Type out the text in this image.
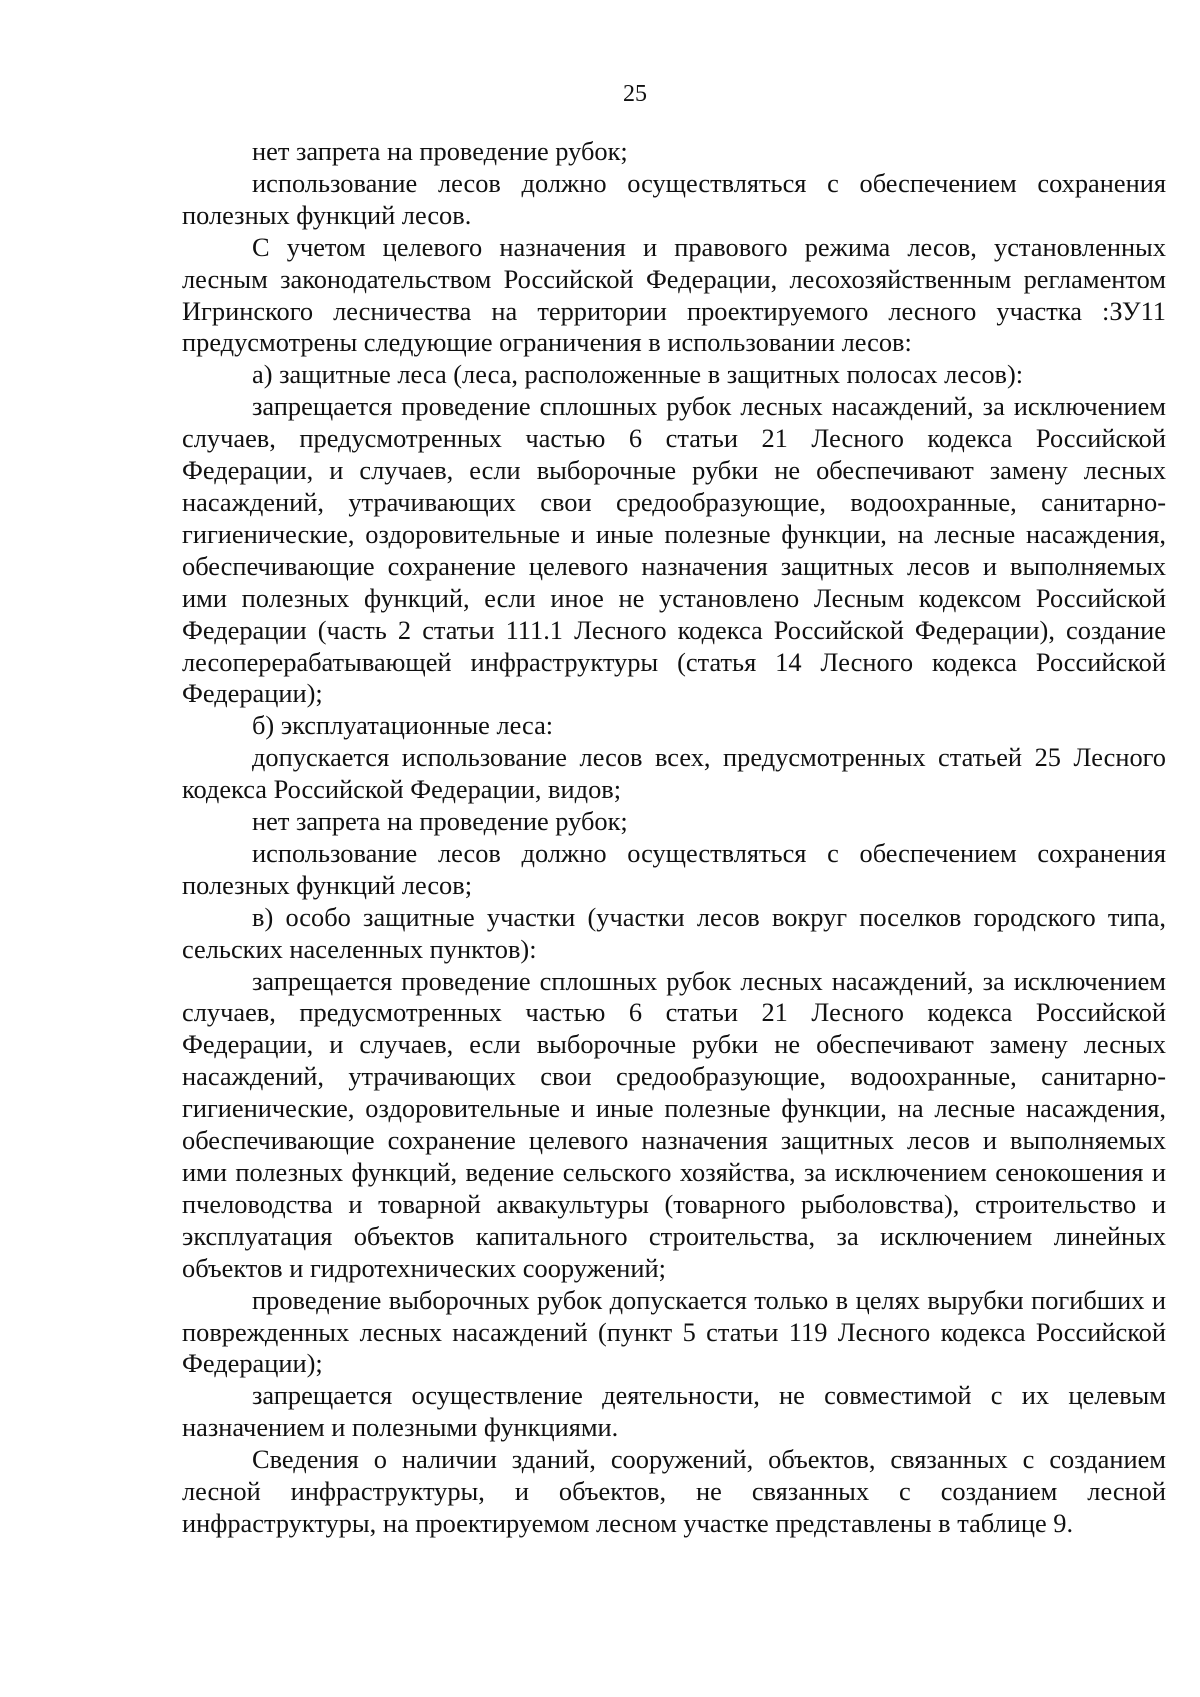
25

нет запрета на проведение рубок;

использование лесов должно осуществляться с обеспечением сохранения полезных функций лесов.

С учетом целевого назначения и правового режима лесов, установленных лесным законодательством Российской Федерации, лесохозяйственным регламентом Игринского лесничества на территории проектируемого лесного участка :ЗУ11 предусмотрены следующие ограничения в использовании лесов:

а) защитные леса (леса, расположенные в защитных полосах лесов):

запрещается проведение сплошных рубок лесных насаждений, за исключением случаев, предусмотренных частью 6 статьи 21 Лесного кодекса Российской Федерации, и случаев, если выборочные рубки не обеспечивают замену лесных насаждений, утрачивающих свои средообразующие, водоохранные, санитарно-гигиенические, оздоровительные и иные полезные функции, на лесные насаждения, обеспечивающие сохранение целевого назначения защитных лесов и выполняемых ими полезных функций, если иное не установлено Лесным кодексом Российской Федерации (часть 2 статьи 111.1 Лесного кодекса Российской Федерации), создание лесоперерабатывающей инфраструктуры (статья 14 Лесного кодекса Российской Федерации);

б) эксплуатационные леса:

допускается использование лесов всех, предусмотренных статьей 25 Лесного кодекса Российской Федерации, видов;

нет запрета на проведение рубок;

использование лесов должно осуществляться с обеспечением сохранения полезных функций лесов;

в) особо защитные участки (участки лесов вокруг поселков городского типа, сельских населенных пунктов):

запрещается проведение сплошных рубок лесных насаждений, за исключением случаев, предусмотренных частью 6 статьи 21 Лесного кодекса Российской Федерации, и случаев, если выборочные рубки не обеспечивают замену лесных насаждений, утрачивающих свои средообразующие, водоохранные, санитарно-гигиенические, оздоровительные и иные полезные функции, на лесные насаждения, обеспечивающие сохранение целевого назначения защитных лесов и выполняемых ими полезных функций, ведение сельского хозяйства, за исключением сенокошения и пчеловодства и товарной аквакультуры (товарного рыболовства), строительство и эксплуатация объектов капитального строительства, за исключением линейных объектов и гидротехнических сооружений;

проведение выборочных рубок допускается только в целях вырубки погибших и поврежденных лесных насаждений (пункт 5 статьи 119 Лесного кодекса Российской Федерации);

запрещается осуществление деятельности, не совместимой с их целевым назначением и полезными функциями.

Сведения о наличии зданий, сооружений, объектов, связанных с созданием лесной инфраструктуры, и объектов, не связанных с созданием лесной инфраструктуры, на проектируемом лесном участке представлены в таблице 9.
